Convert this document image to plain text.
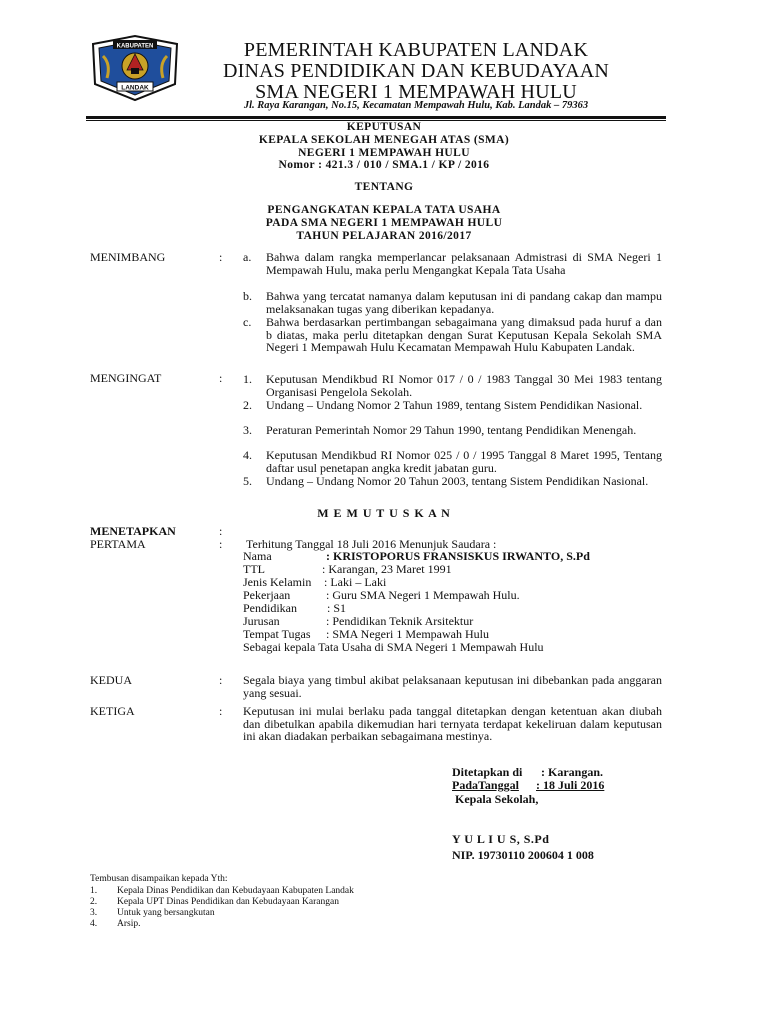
KABUPATEN
LANDAK
PEMERINTAH KABUPATEN LANDAK
DINAS PENDIDIKAN DAN KEBUDAYAAN
SMA NEGERI 1 MEMPAWAH HULU
Jl. Raya Karangan, No.15, Kecamatan Mempawah Hulu, Kab. Landak – 79363
KEPUTUSAN
KEPALA SEKOLAH MENEGAH ATAS (SMA)
NEGERI 1 MEMPAWAH HULU
Nomor : 421.3 / 010 / SMA.1 / KP / 2016
TENTANG
PENGANGKATAN KEPALA TATA USAHA
PADA SMA NEGERI 1 MEMPAWAH HULU
TAHUN PELAJARAN 2016/2017
MENIMBANG	: a. Bahwa dalam rangka memperlancar pelaksanaan Admistrasi di SMA Negeri 1 Mempawah Hulu, maka perlu Mengangkat Kepala Tata Usaha
b. Bahwa yang tercatat namanya dalam keputusan ini di pandang cakap dan mampu melaksanakan tugas yang diberikan kepadanya.
c. Bahwa berdasarkan pertimbangan sebagaimana yang dimaksud pada huruf a dan b diatas, maka perlu ditetapkan dengan Surat Keputusan Kepala Sekolah SMA Negeri 1 Mempawah Hulu Kecamatan Mempawah Hulu Kabupaten Landak.
MENGINGAT	: 1. Keputusan Mendikbud RI Nomor 017 / 0 / 1983 Tanggal 30 Mei 1983 tentang Organisasi Pengelola Sekolah.
2. Undang – Undang Nomor 2 Tahun 1989, tentang Sistem Pendidikan Nasional.
3. Peraturan Pemerintah Nomor 29 Tahun 1990, tentang Pendidikan Menengah.
4. Keputusan Mendikbud RI Nomor 025 / 0 / 1995 Tanggal 8 Maret 1995, Tentang daftar usul penetapan angka kredit jabatan guru.
5. Undang – Undang Nomor 20 Tahun 2003, tentang Sistem Pendidikan Nasional.
M E M U T U S K A N
MENETAPKAN	:
PERTAMA	: Terhitung Tanggal 18 Juli 2016 Menunjuk Saudara :
Nama	: KRISTOPORUS FRANSISKUS IRWANTO, S.Pd
TTL	: Karangan, 23 Maret 1991
Jenis Kelamin : Laki – Laki
Pekerjaan	: Guru SMA Negeri 1 Mempawah Hulu.
Pendidikan	: S1
Jurusan	: Pendidikan Teknik Arsitektur
Tempat Tugas : SMA Negeri 1 Mempawah Hulu
Sebagai kepala Tata Usaha di SMA Negeri 1 Mempawah Hulu
KEDUA	: Segala biaya yang timbul akibat pelaksanaan keputusan ini dibebankan pada anggaran yang sesuai.
KETIGA	: Keputusan ini mulai berlaku pada tanggal ditetapkan dengan ketentuan akan diubah dan dibetulkan apabila dikemudian hari ternyata terdapat kekeliruan dalam keputusan ini akan diadakan perbaikan sebagaimana mestinya.
Ditetapkan di : Karangan.
PadaTanggal : 18 Juli 2016
Kepala Sekolah,
Y U L I U S, S.Pd
NIP. 19730110 200604 1 008
Tembusan disampaikan kepada Yth:
1. Kepala Dinas Pendidikan dan Kebudayaan Kabupaten Landak
2. Kepala UPT Dinas Pendidikan dan Kebudayaan Karangan
3. Untuk yang bersangkutan
4. Arsip.
